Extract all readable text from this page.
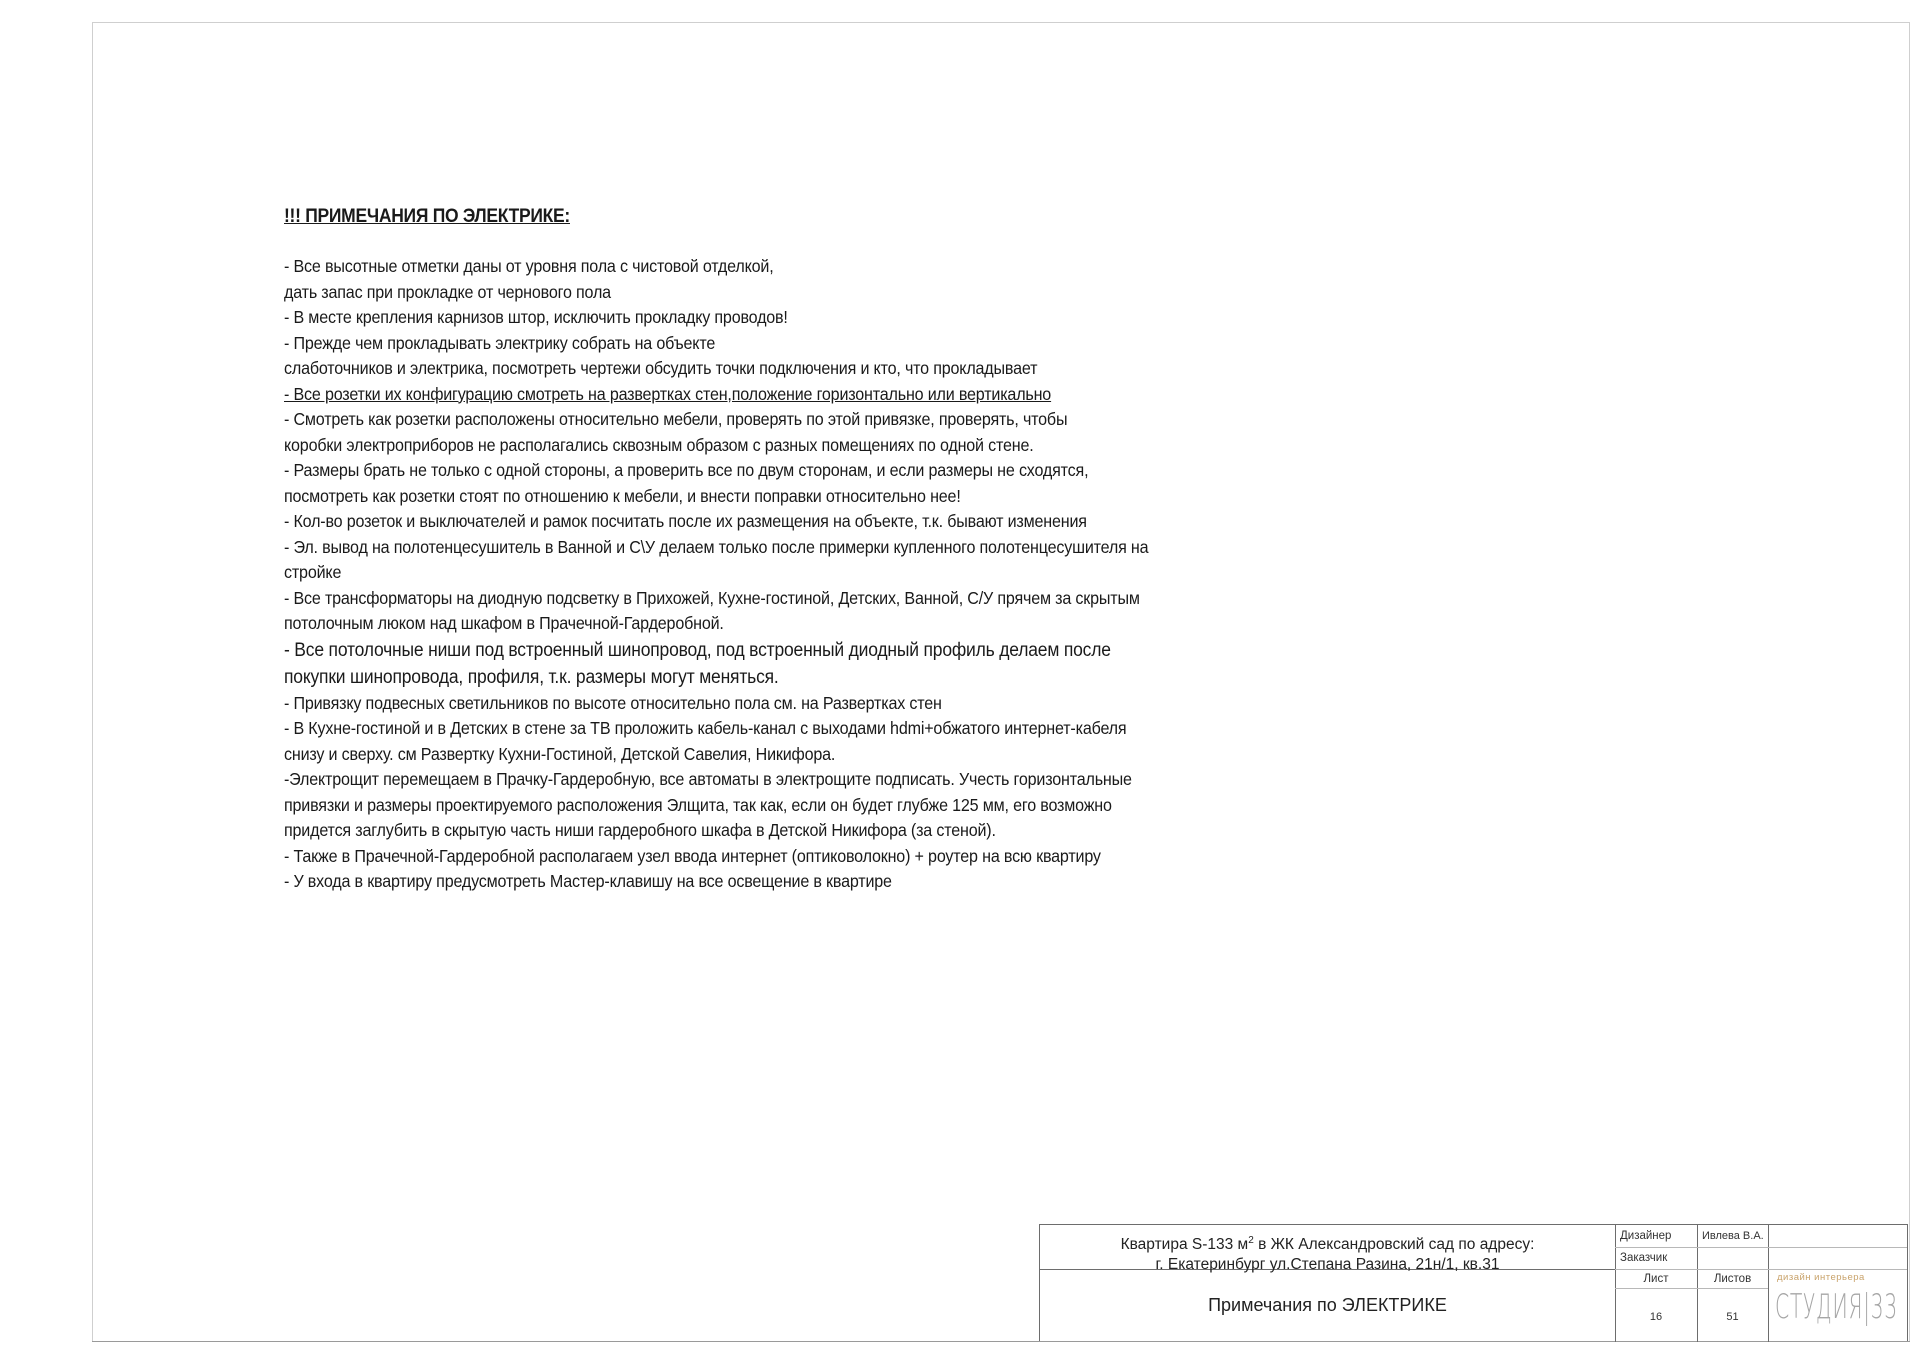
!!! ПРИМЕЧАНИЯ ПО ЭЛЕКТРИКЕ:
- Все высотные отметки даны от уровня пола с чистовой отделкой,
дать запас при прокладке от чернового пола
- В месте крепления карнизов штор, исключить прокладку проводов!
- Прежде чем прокладывать электрику собрать на объекте
слаботочников и электрика, посмотреть чертежи обсудить точки подключения и кто, что прокладывает
- Все розетки их конфигурацию смотреть на развертках стен,положение горизонтально или вертикально
- Смотреть как розетки расположены относительно мебели, проверять по этой привязке, проверять, чтобы
коробки электроприборов не располагались сквозным образом с разных помещениях по одной стене.
- Размеры брать не только с одной стороны, а проверить все по двум сторонам, и если размеры не сходятся,
посмотреть как розетки стоят по отношению к мебели, и внести поправки относительно нее!
- Кол-во розеток и выключателей и рамок посчитать после их размещения на объекте, т.к. бывают изменения
- Эл. вывод на полотенцесушитель в Ванной и С\У делаем только после примерки купленного полотенцесушителя на
стройке
- Все трансформаторы на диодную подсветку в Прихожей, Кухне-гостиной, Детских, Ванной, С/У прячем за скрытым
потолочным люком над шкафом в Прачечной-Гардеробной.
- Все потолочные ниши под встроенный шинопровод, под встроенный диодный профиль делаем после
покупки шинопровода, профиля, т.к. размеры могут меняться.
- Привязку подвесных светильников по высоте относительно пола см. на Развертках стен
- В Кухне-гостиной и в Детских в стене за ТВ проложить кабель-канал с выходами hdmi+обжатого интернет-кабеля
снизу и сверху. см Развертку Кухни-Гостиной, Детской Савелия, Никифора.
-Электрощит перемещаем в Прачку-Гардеробную, все автоматы в электрощите подписать. Учесть горизонтальные
привязки и размеры проектируемого расположения Элщита, так как, если он будет глубже 125 мм, его возможно
придется заглубить в скрытую часть ниши гардеробного шкафа в Детской Никифора (за стеной).
- Также в Прачечной-Гардеробной располагаем узел ввода интернет (оптиковолокно) + роутер на всю квартиру
- У входа в квартиру предусмотреть Мастер-клавишу на все освещение в квартире
Квартира S-133 $м^2$ в ЖК Александровский сад по адресу:
г. Екатеринбург ул.Степана Разина, 21н/1, кв.31
Примечания по ЭЛЕКТРИКЕ
Дизайнер	Ивлева В.А.
Заказчик
Лист	Листов
16	51
дизайн интерьера
СТУДИЯ|33
